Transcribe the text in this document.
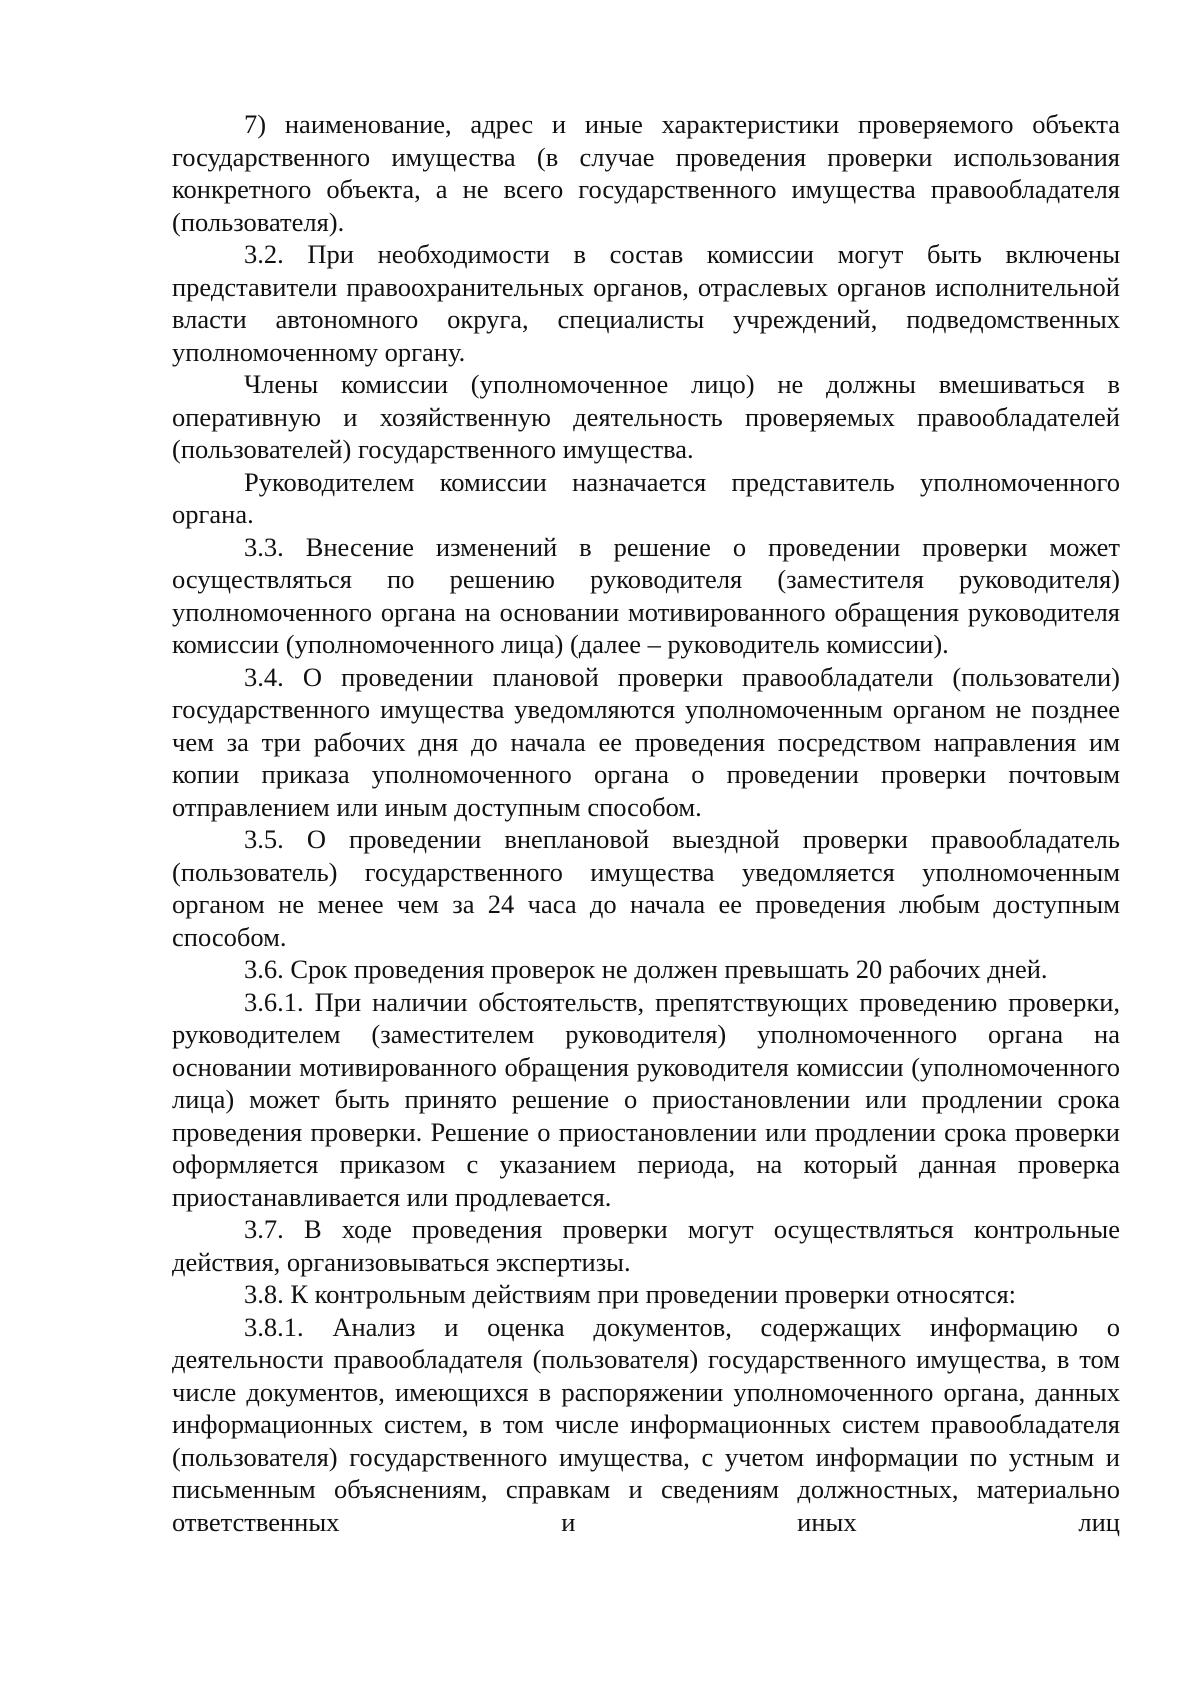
7) наименование, адрес и иные характеристики проверяемого объекта государственного имущества (в случае проведения проверки использования конкретного объекта, а не всего государственного имущества правообладателя (пользователя).

3.2. При необходимости в состав комиссии могут быть включены представители правоохранительных органов, отраслевых органов исполнительной власти автономного округа, специалисты учреждений, подведомственных уполномоченному органу.

Члены комиссии (уполномоченное лицо) не должны вмешиваться в оперативную и хозяйственную деятельность проверяемых правообладателей (пользователей) государственного имущества.

Руководителем комиссии назначается представитель уполномоченного органа.

3.3. Внесение изменений в решение о проведении проверки может осуществляться по решению руководителя (заместителя руководителя) уполномоченного органа на основании мотивированного обращения руководителя комиссии (уполномоченного лица) (далее – руководитель комиссии).

3.4. О проведении плановой проверки правообладатели (пользователи) государственного имущества уведомляются уполномоченным органом не позднее чем за три рабочих дня до начала ее проведения посредством направления им копии приказа уполномоченного органа о проведении проверки почтовым отправлением или иным доступным способом.

3.5. О проведении внеплановой выездной проверки правообладатель (пользователь) государственного имущества уведомляется уполномоченным органом не менее чем за 24 часа до начала ее проведения любым доступным способом.

3.6. Срок проведения проверок не должен превышать 20 рабочих дней.

3.6.1. При наличии обстоятельств, препятствующих проведению проверки, руководителем (заместителем руководителя) уполномоченного органа на основании мотивированного обращения руководителя комиссии (уполномоченного лица) может быть принято решение о приостановлении или продлении срока проведения проверки. Решение о приостановлении или продлении срока проверки оформляется приказом с указанием периода, на который данная проверка приостанавливается или продлевается.

3.7. В ходе проведения проверки могут осуществляться контрольные действия, организовываться экспертизы.

3.8. К контрольным действиям при проведении проверки относятся:

3.8.1. Анализ и оценка документов, содержащих информацию о деятельности правообладателя (пользователя) государственного имущества, в том числе документов, имеющихся в распоряжении уполномоченного органа, данных информационных систем, в том числе информационных систем правообладателя (пользователя) государственного имущества, с учетом информации по устным и письменным объяснениям, справкам и сведениям должностных, материально ответственных и иных лиц
